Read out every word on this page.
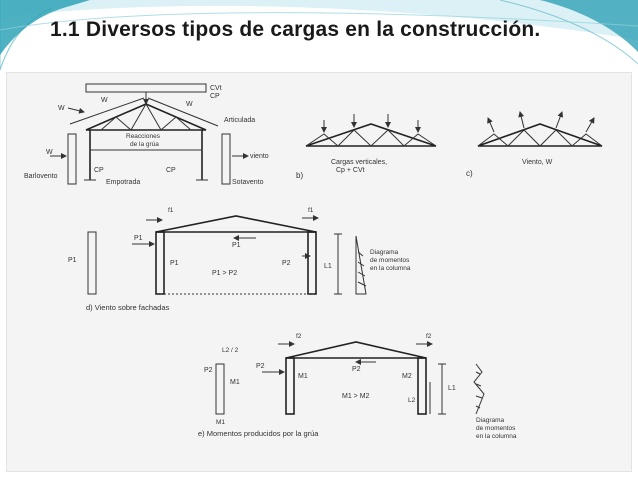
1.1 Diversos tipos de cargas en la construcción.
CVt
CP
W
W
W
Articulada
Reacciones
de la grúa
W
viento
CP	CP
Barlovento
Empotrada	Sotavento
b)
Cargas verticales,
Cp + CVt	c)
Viento, W
P1
f1	f1
P1
P1
P1	P2
P1 > P2
L1
Diagrama
de momentos
en la columna
d) Viento sobre fachadas
L2 / 2
P2
M1
M1
f2	f2
P2
M1
P2
M2
M1 > M2
L1
L2
Diagrama
de momentos
en la columna
e) Momentos producidos por la grúa
